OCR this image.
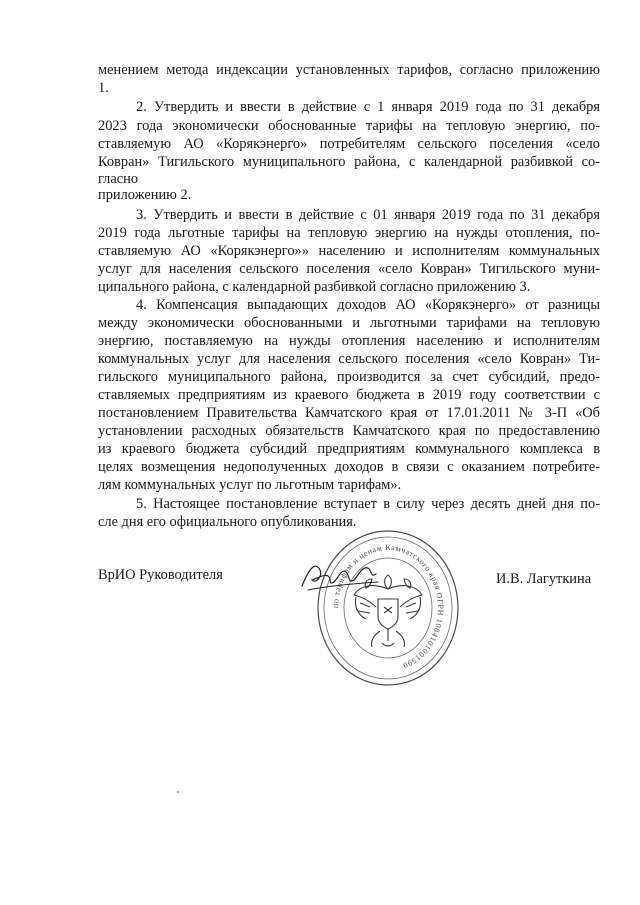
менением метода индексации установленных тарифов, согласно приложению
1.
2. Утвердить и ввести в действие с 1 января 2019 года по 31 декабря
2023 года экономически обоснованные тарифы на тепловую энергию, по-
ставляемую АО «Корякэнерго» потребителям сельского поселения «село
Ковран» Тигильского муниципального района, с календарной разбивкой со-
гласно
приложению 2.
3. Утвердить и ввести в действие с 01 января 2019 года по 31 декабря
2019 года льготные тарифы на тепловую энергию на нужды отопления, по-
ставляемую АО «Корякэнерго»» населению и исполнителям коммунальных
услуг для населения сельского поселения «село Ковран» Тигильского муни-
ципального района, с календарной разбивкой согласно приложению 3.
4. Компенсация выпадающих доходов АО «Корякэнерго» от разницы
между экономически обоснованными и льготными тарифами на тепловую
энергию, поставляемую на нужды отопления населению и исполнителям
коммунальных услуг для населения сельского поселения «село Ковран» Ти-
гильского муниципального района, производится за счет субсидий, предо-
ставляемых предприятиям из краевого бюджета в 2019 году соответствии с
постановлением Правительства Камчатского края от 17.01.2011 № 3-П «Об
установлении расходных обязательств Камчатского края по предоставлению
из краевого бюджета субсидий предприятиям коммунального комплекса в
целях возмещения недополученных доходов в связи с оказанием потребите-
лям коммунальных услуг по льготным тарифам».
5. Настоящее постановление вступает в силу через десять дней дня по-
сле дня его официального опубликования.
ВрИО Руководителя	И.В. Лагуткина
по тарифам и ценам Камчатского края ОГРН 1084101001590
